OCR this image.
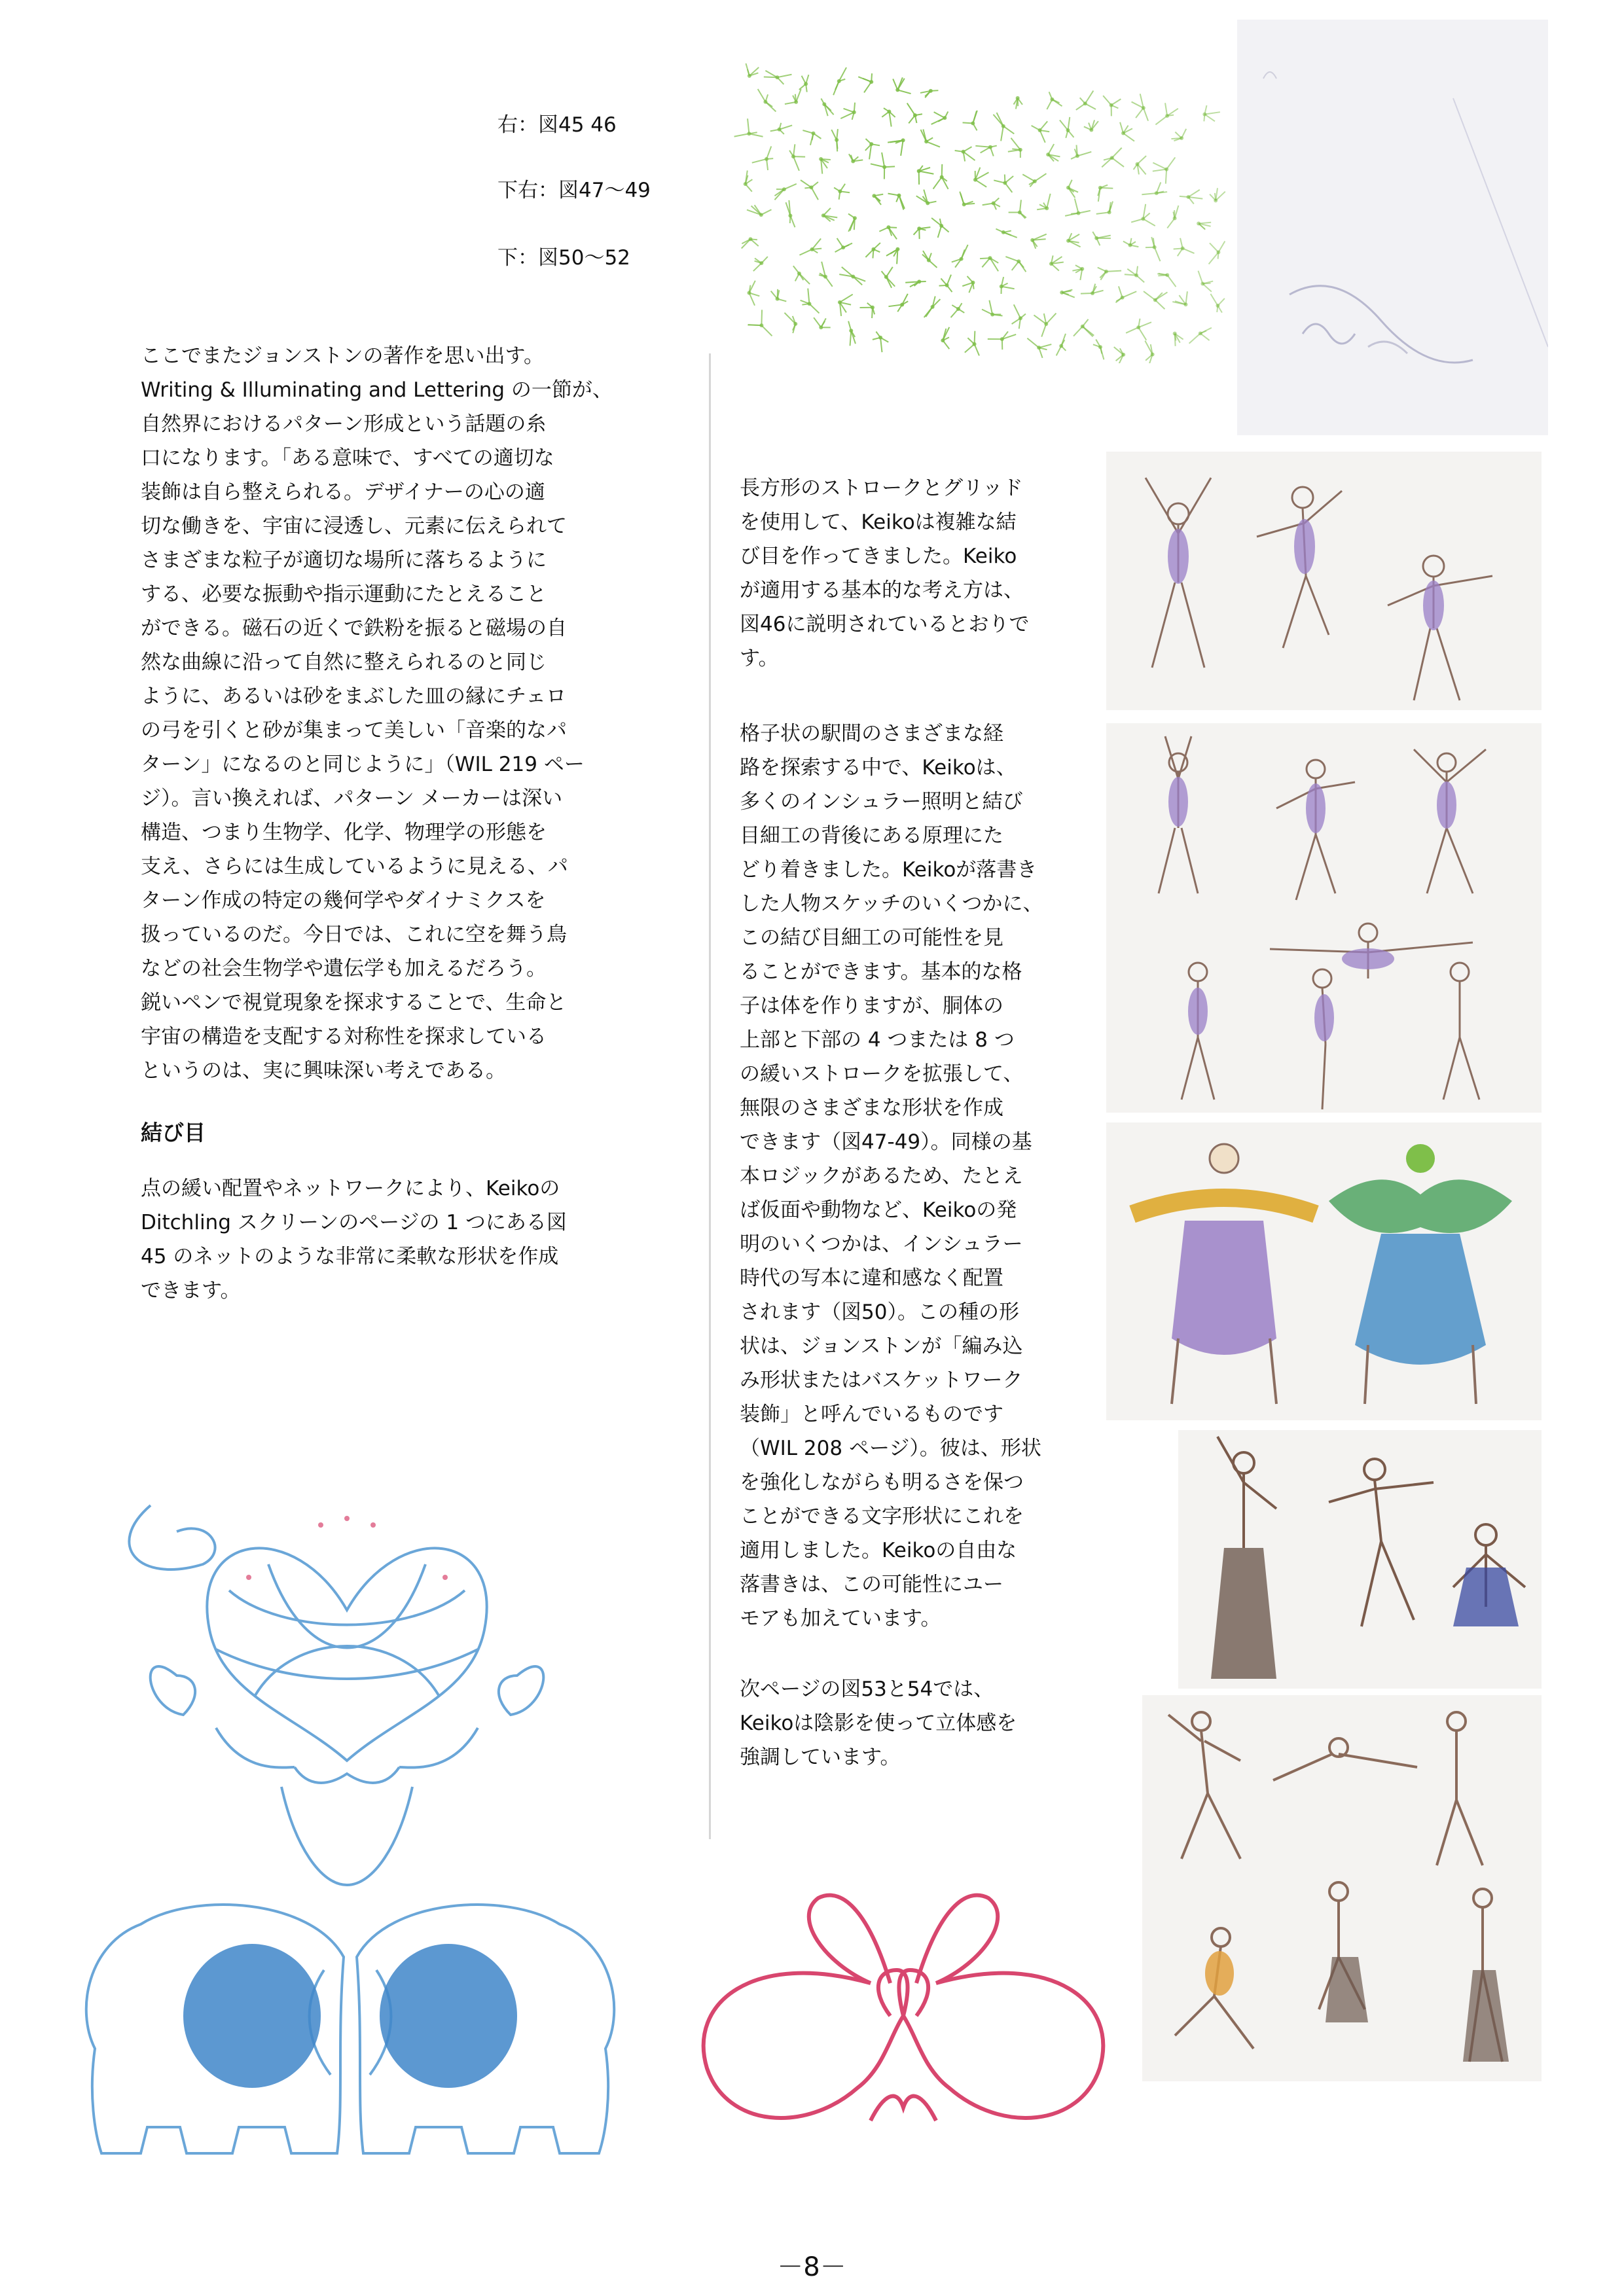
右：図45 46
下右：図47～49
下：図50～52
ここでまたジョンストンの著作を思い出す。
Writing & Illuminating and Lettering の一節が、
自然界におけるパターン形成という話題の糸
口になります。「ある意味で、すべての適切な
装飾は自ら整えられる。デザイナーの心の適
切な働きを、宇宙に浸透し、元素に伝えられて
さまざまな粒子が適切な場所に落ちるように
する、必要な振動や指示運動にたとえること
ができる。磁石の近くで鉄粉を振ると磁場の自
然な曲線に沿って自然に整えられるのと同じ
ように、あるいは砂をまぶした皿の縁にチェロ
の弓を引くと砂が集まって美しい「音楽的なパ
ターン」になるのと同じように」（WIL 219 ペー
ジ）。言い換えれば、パターン メーカーは深い
構造、つまり生物学、化学、物理学の形態を
支え、さらには生成しているように見える、パ
ターン作成の特定の幾何学やダイナミクスを
扱っているのだ。今日では、これに空を舞う鳥
などの社会生物学や遺伝学も加えるだろう。
鋭いペンで視覚現象を探求することで、生命と
宇宙の構造を支配する対称性を探求している
というのは、実に興味深い考えである。
結び目
点の緩い配置やネットワークにより、Keikoの
Ditchling スクリーンのページの 1 つにある図
45 のネットのような非常に柔軟な形状を作成
できます。
長方形のストロークとグリッド
を使用して、Keikoは複雑な結
び目を作ってきました。Keiko
が適用する基本的な考え方は、
図46に説明されているとおりで
す。
格子状の駅間のさまざまな経
路を探索する中で、Keikoは、
多くのインシュラー照明と結び
目細工の背後にある原理にた
どり着きました。Keikoが落書き
した人物スケッチのいくつかに、
この結び目細工の可能性を見
ることができます。基本的な格
子は体を作りますが、胴体の
上部と下部の 4 つまたは 8 つ
の緩いストロークを拡張して、
無限のさまざまな形状を作成
できます（図47-49）。同様の基
本ロジックがあるため、たとえ
ば仮面や動物など、Keikoの発
明のいくつかは、インシュラー
時代の写本に違和感なく配置
されます（図50）。この種の形
状は、ジョンストンが「編み込
み形状またはバスケットワーク
装飾」と呼んでいるものです
（WIL 208 ページ）。彼は、形状
を強化しながらも明るさを保つ
ことができる文字形状にこれを
適用しました。Keikoの自由な
落書きは、この可能性にユー
モアも加えています。
次ページの図53と54では、
Keikoは陰影を使って立体感を
強調しています。
－8－
